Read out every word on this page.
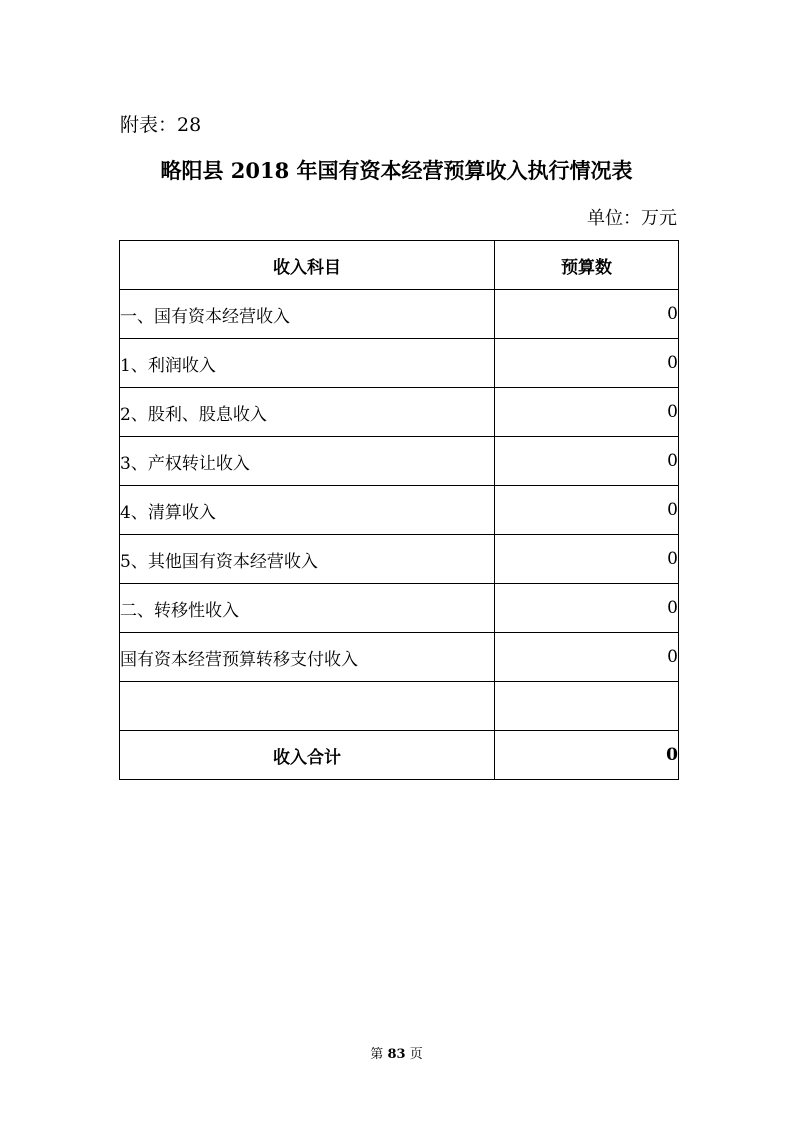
附表：28
略阳县 2018 年国有资本经营预算收入执行情况表
单位：万元
收入科目	预算数
一、国有资本经营收入	0
1、利润收入	0
2、股利、股息收入	0
3、产权转让收入	0
4、清算收入	0
5、其他国有资本经营收入	0
二、转移性收入	0
国有资本经营预算转移支付收入	0

收入合计	0
第 83 页
